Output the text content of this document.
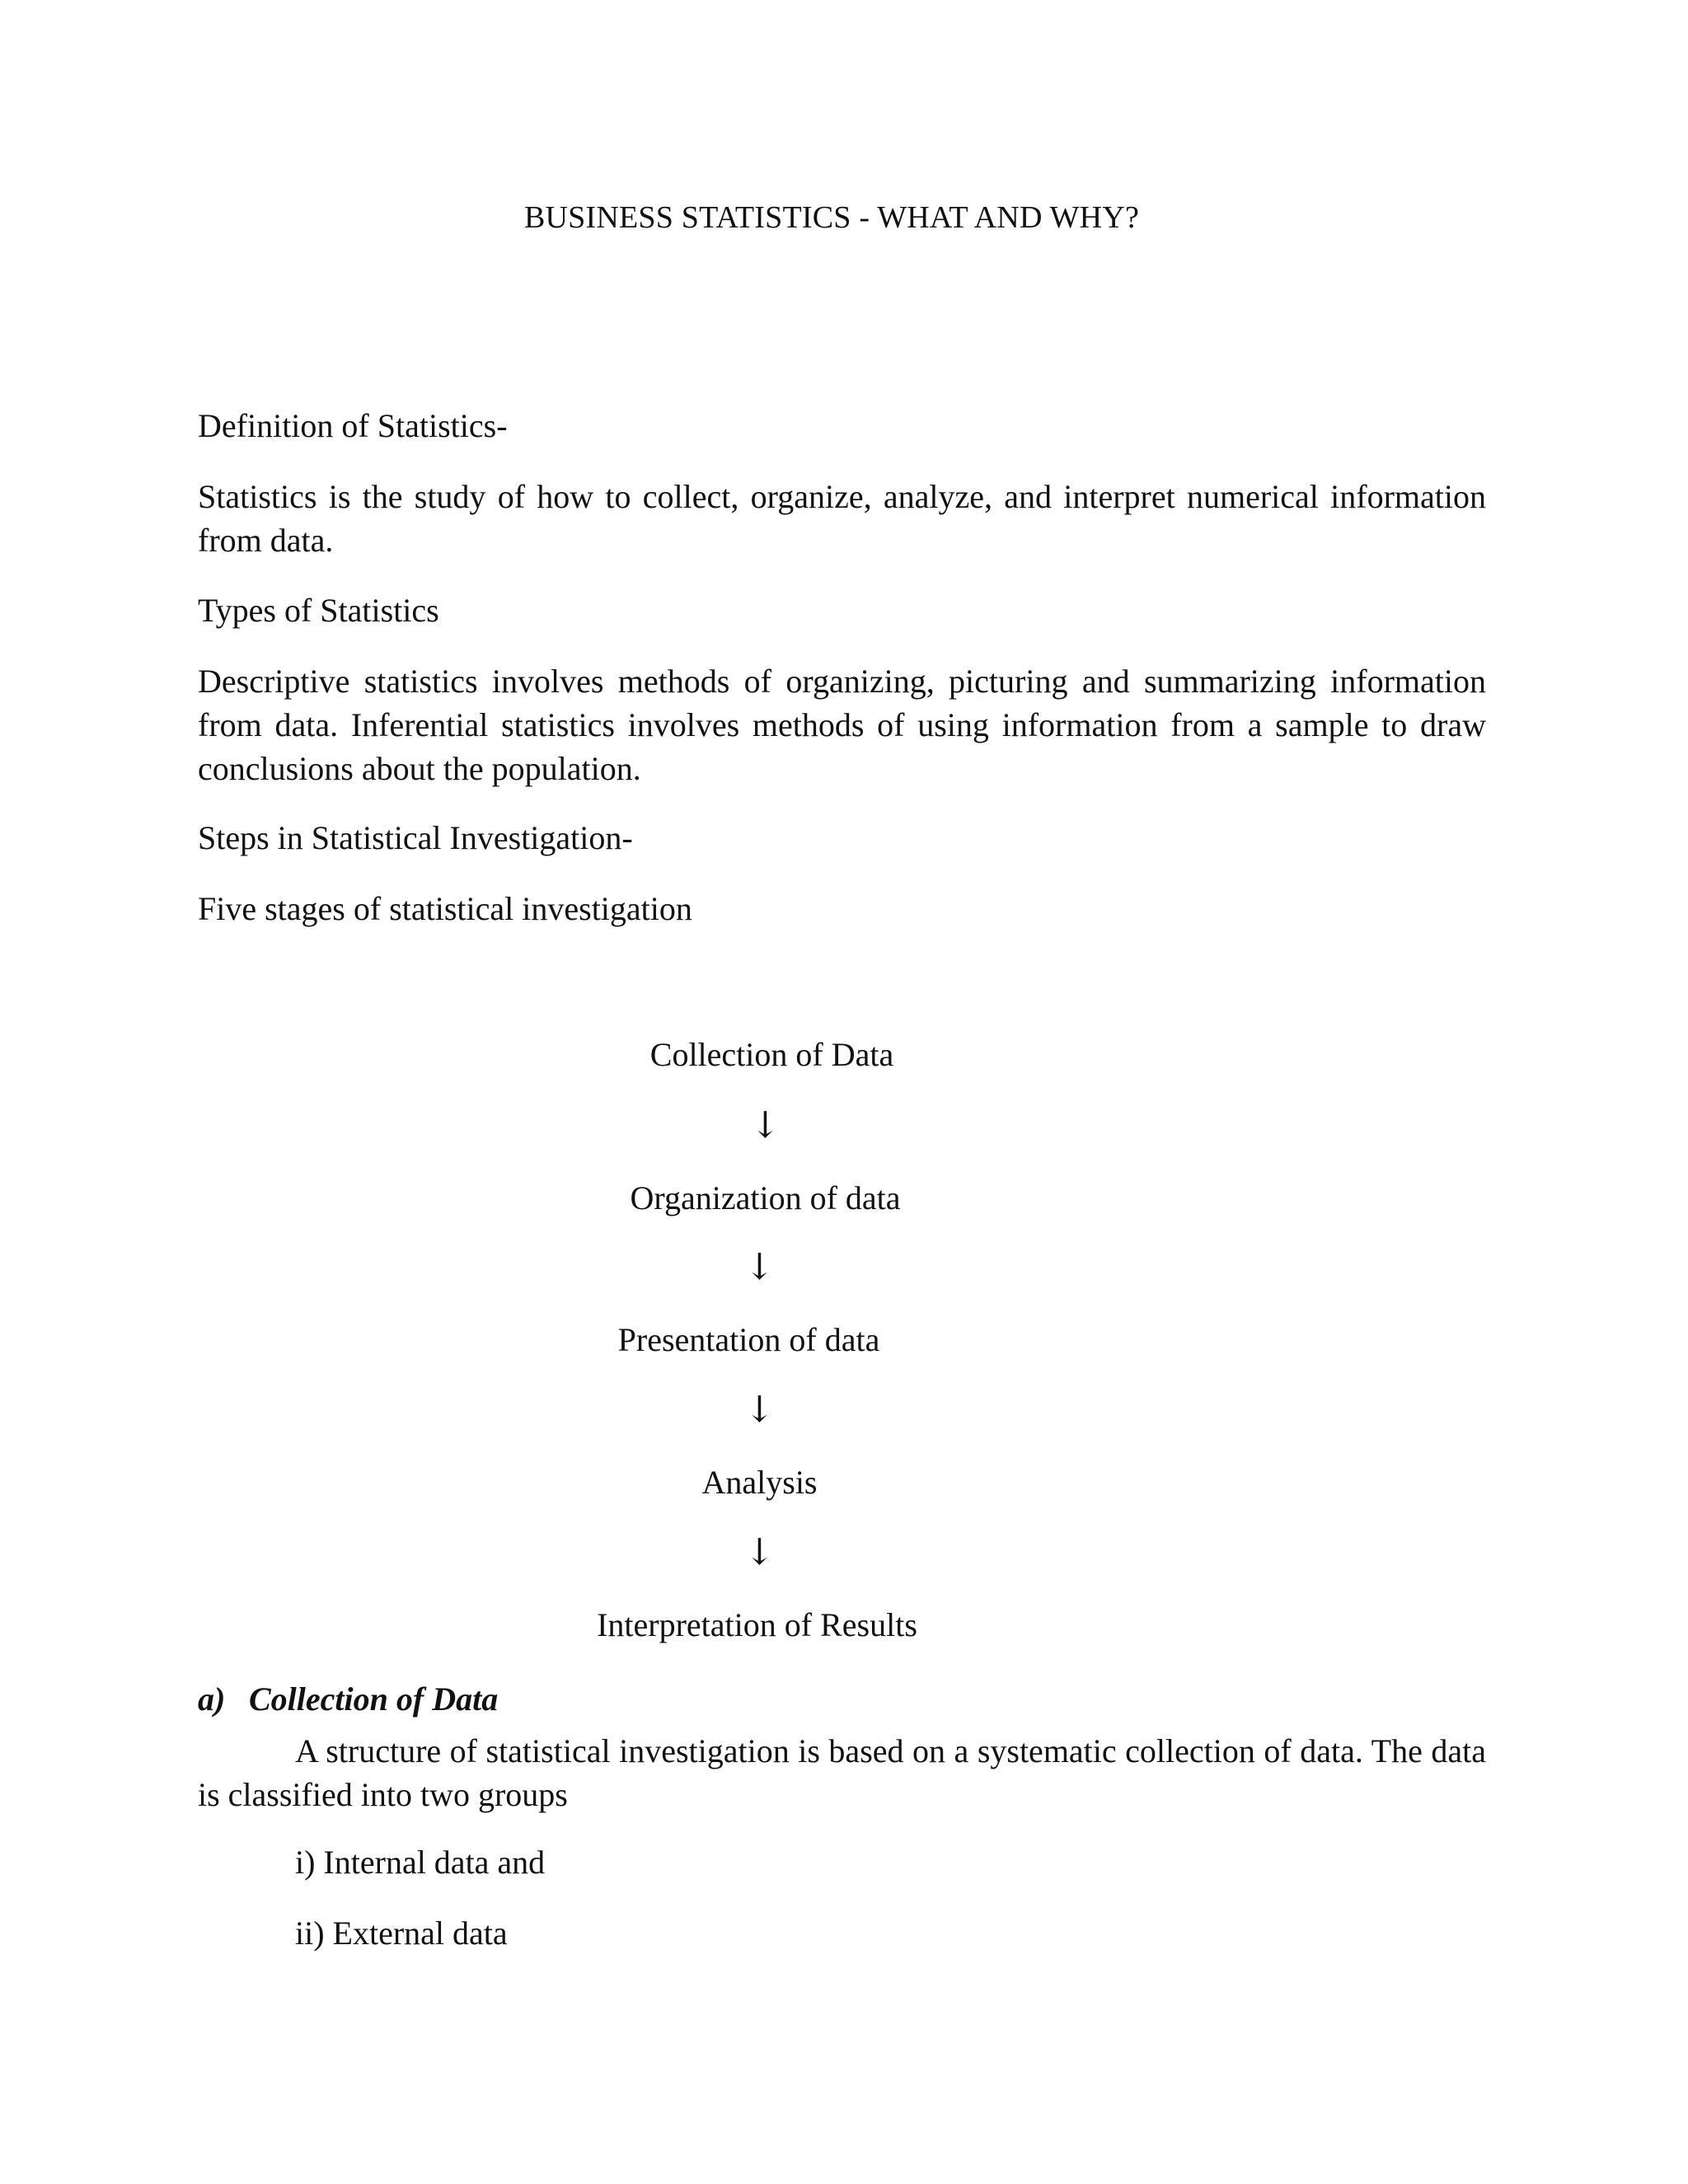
BUSINESS STATISTICS - WHAT AND WHY?
Definition of Statistics-
Statistics is the study of how to collect, organize, analyze, and interpret numerical information from data.
Types of Statistics
Descriptive statistics involves methods of organizing, picturing and summarizing information from data. Inferential statistics involves methods of using information from a sample to draw conclusions about the population.
Steps in Statistical Investigation-
Five stages of statistical investigation
Collection of Data
↓
Organization of data
↓
Presentation of data
↓
Analysis
↓
Interpretation of Results
a) Collection of Data
A structure of statistical investigation is based on a systematic collection of data. The data is classified into two groups
i) Internal data and
ii) External data
